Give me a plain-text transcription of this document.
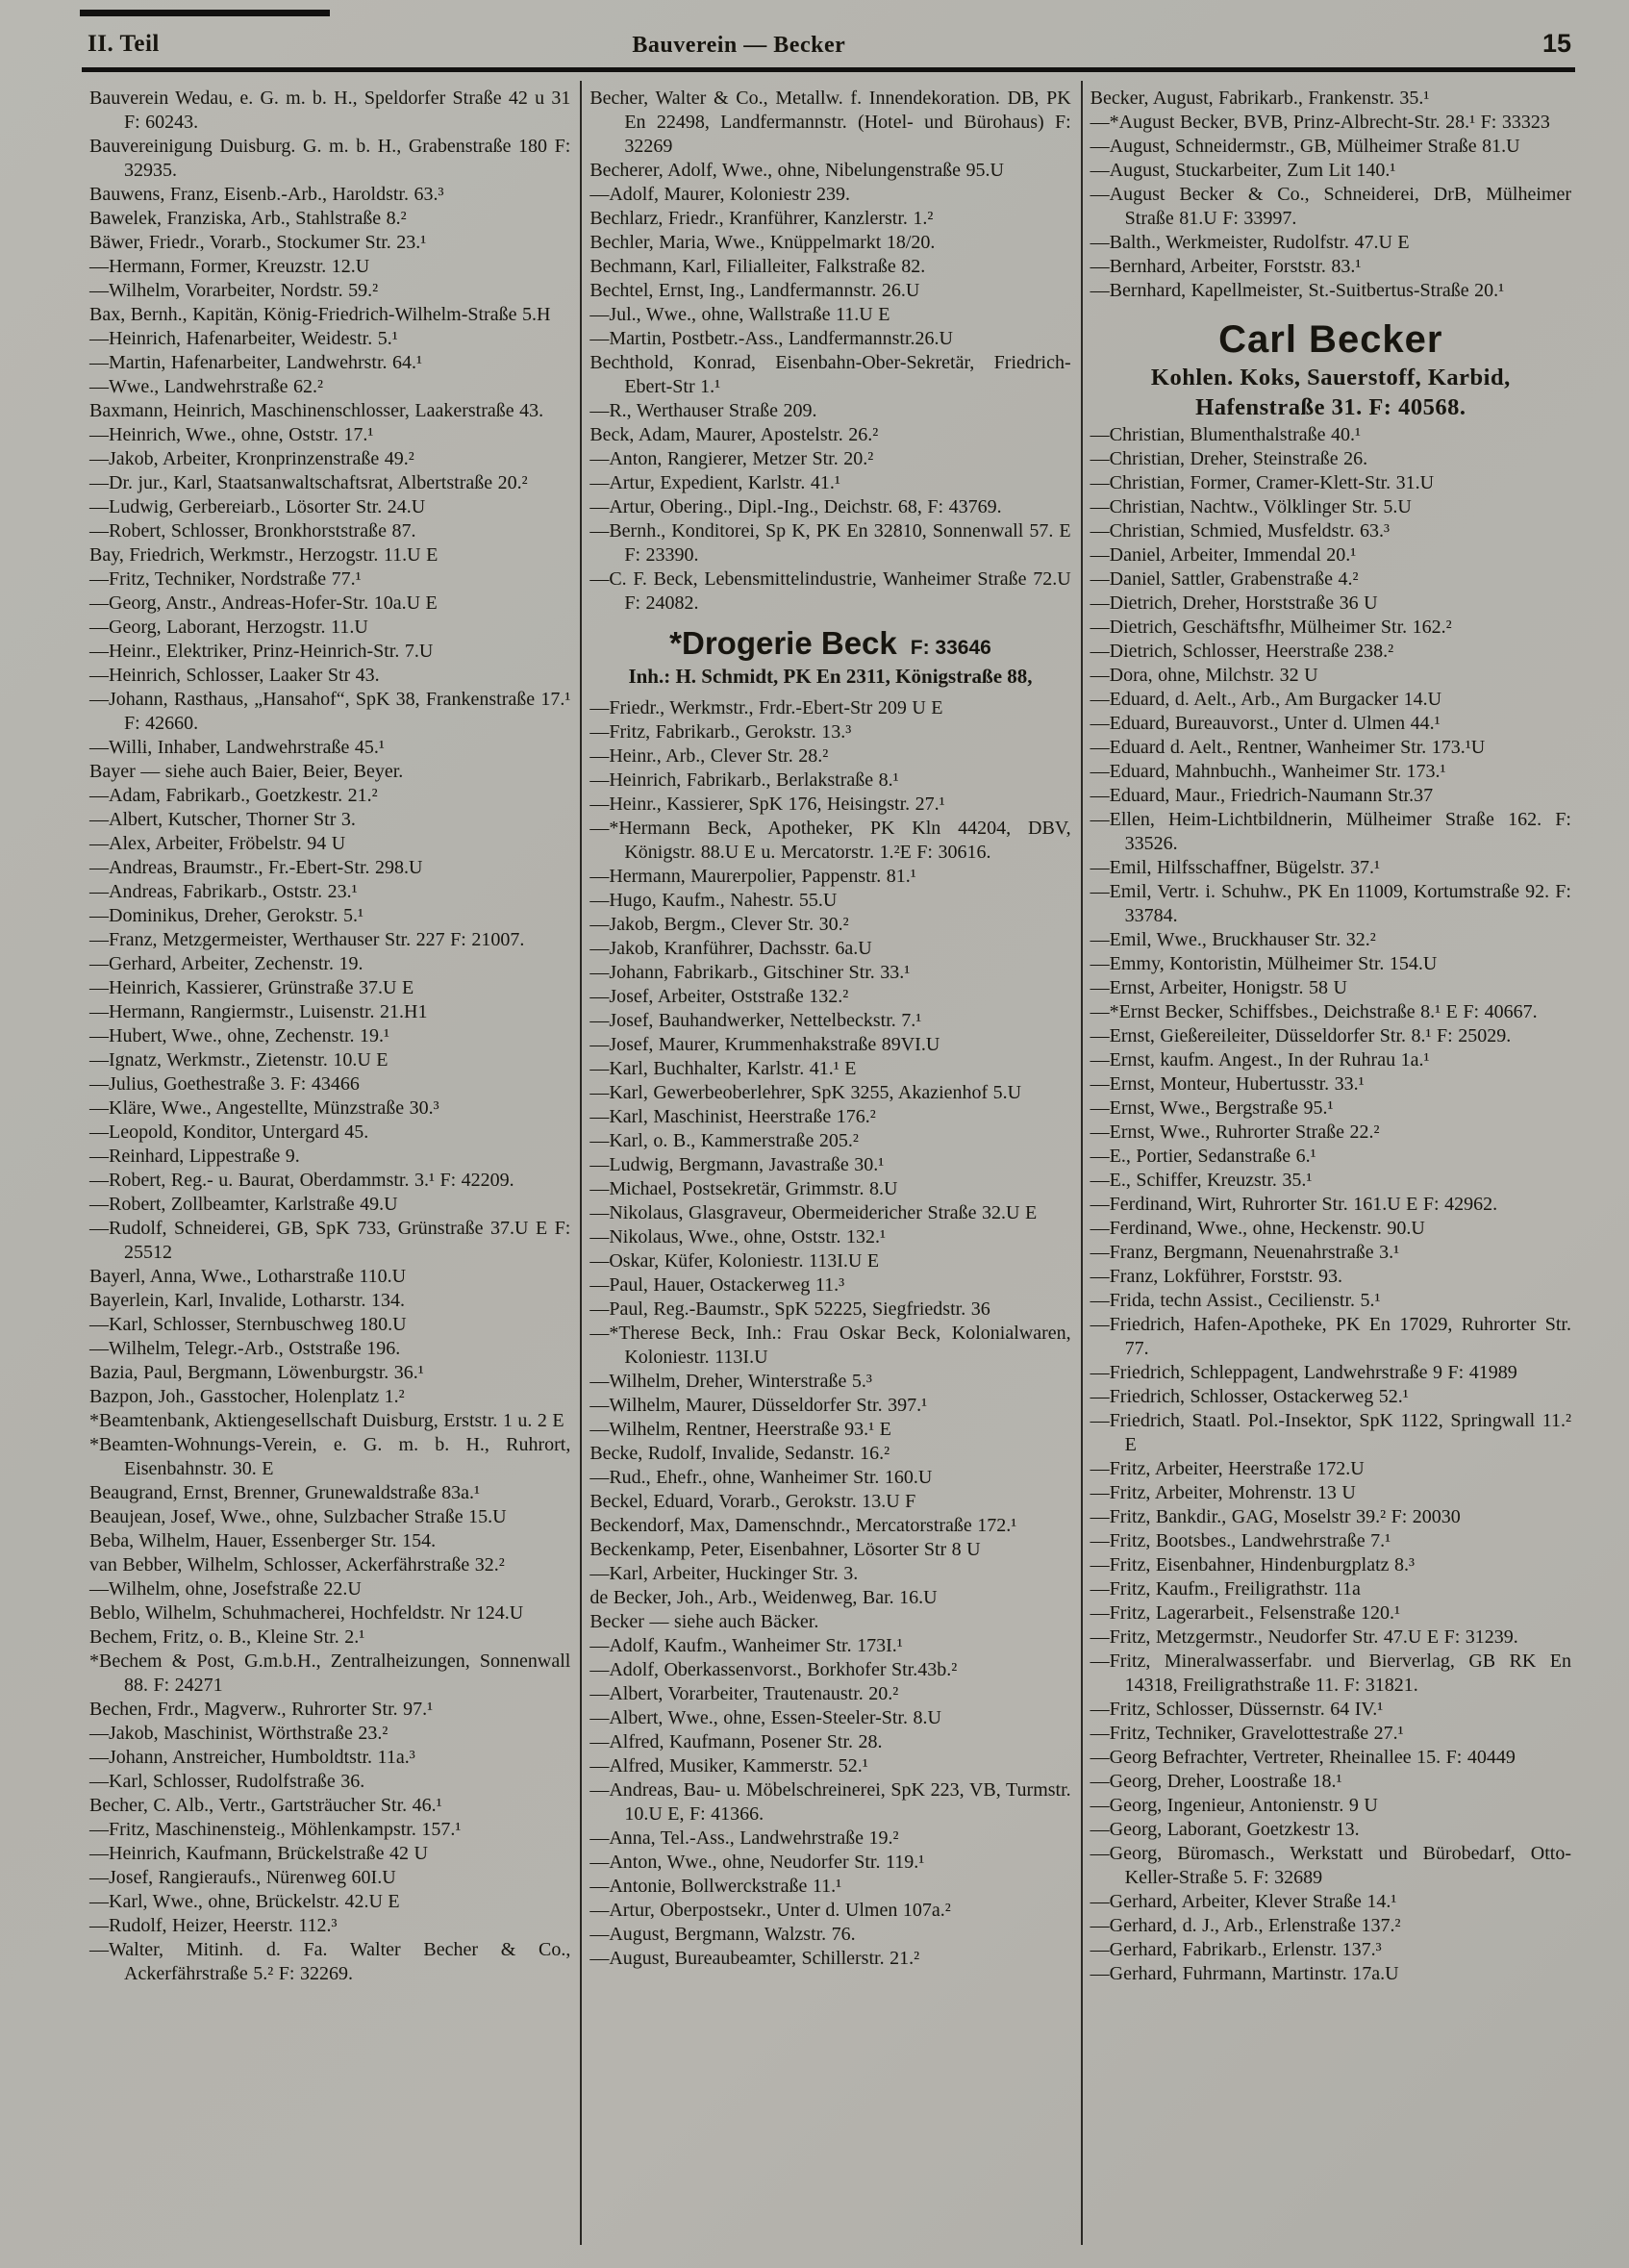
II. Teil	Bauverein — Becker	15

Bauverein Wedau, e. G. m. b. H., Speldorfer Straße 42 u 31 F: 60243.

Bauvereinigung Duisburg. G. m. b. H., Grabenstraße 180 F: 32935.

Bauwens, Franz, Eisenb.-Arb., Haroldstr. 63.³

Bawelek, Franziska, Arb., Stahlstraße 8.²

Bäwer, Friedr., Vorarb., Stockumer Str. 23.¹

—Hermann, Former, Kreuzstr. 12.U

—Wilhelm, Vorarbeiter, Nordstr. 59.²

Bax, Bernh., Kapitän, König-Friedrich-Wilhelm-Straße 5.H

—Heinrich, Hafenarbeiter, Weidestr. 5.¹

—Martin, Hafenarbeiter, Landwehrstr. 64.¹

—Wwe., Landwehrstraße 62.²

Baxmann, Heinrich, Maschinenschlosser, Laakerstraße 43.

—Heinrich, Wwe., ohne, Oststr. 17.¹

—Jakob, Arbeiter, Kronprinzenstraße 49.²

—Dr. jur., Karl, Staatsanwaltschaftsrat, Albertstraße 20.²

—Ludwig, Gerbereiarb., Lösorter Str. 24.U

—Robert, Schlosser, Bronkhorststraße 87.

Bay, Friedrich, Werkmstr., Herzogstr. 11.U E

—Fritz, Techniker, Nordstraße 77.¹

—Georg, Anstr., Andreas-Hofer-Str. 10a.U E

—Georg, Laborant, Herzogstr. 11.U

—Heinr., Elektriker, Prinz-Heinrich-Str. 7.U

—Heinrich, Schlosser, Laaker Str 43.

—Johann, Rasthaus, „Hansahof“, SpK 38, Frankenstraße 17.¹ F: 42660.

—Willi, Inhaber, Landwehrstraße 45.¹

Bayer — siehe auch Baier, Beier, Beyer.

—Adam, Fabrikarb., Goetzkestr. 21.²

—Albert, Kutscher, Thorner Str 3.

—Alex, Arbeiter, Fröbelstr. 94 U

—Andreas, Braumstr., Fr.-Ebert-Str. 298.U

—Andreas, Fabrikarb., Oststr. 23.¹

—Dominikus, Dreher, Gerokstr. 5.¹

—Franz, Metzgermeister, Werthauser Str. 227 F: 21007.

—Gerhard, Arbeiter, Zechenstr. 19.

—Heinrich, Kassierer, Grünstraße 37.U E

—Hermann, Rangiermstr., Luisenstr. 21.H1

—Hubert, Wwe., ohne, Zechenstr. 19.¹

—Ignatz, Werkmstr., Zietenstr. 10.U E

—Julius, Goethestraße 3. F: 43466

—Kläre, Wwe., Angestellte, Münzstraße 30.³

—Leopold, Konditor, Untergard 45.

—Reinhard, Lippestraße 9.

—Robert, Reg.- u. Baurat, Oberdammstr. 3.¹ F: 42209.

—Robert, Zollbeamter, Karlstraße 49.U

—Rudolf, Schneiderei, GB, SpK 733, Grünstraße 37.U E F: 25512

Bayerl, Anna, Wwe., Lotharstraße 110.U

Bayerlein, Karl, Invalide, Lotharstr. 134.

—Karl, Schlosser, Sternbuschweg 180.U

—Wilhelm, Telegr.-Arb., Oststraße 196.

Bazia, Paul, Bergmann, Löwenburgstr. 36.¹

Bazpon, Joh., Gasstocher, Holenplatz 1.²

*Beamtenbank, Aktiengesellschaft Duisburg, Erststr. 1 u. 2 E

*Beamten-Wohnungs-Verein, e. G. m. b. H., Ruhrort, Eisenbahnstr. 30. E

Beaugrand, Ernst, Brenner, Grunewaldstraße 83a.¹

Beaujean, Josef, Wwe., ohne, Sulzbacher Straße 15.U

Beba, Wilhelm, Hauer, Essenberger Str. 154.

van Bebber, Wilhelm, Schlosser, Ackerfährstraße 32.²

—Wilhelm, ohne, Josefstraße 22.U

Beblo, Wilhelm, Schuhmacherei, Hochfeldstr. Nr 124.U

Bechem, Fritz, o. B., Kleine Str. 2.¹

*Bechem & Post, G.m.b.H., Zentralheizungen, Sonnenwall 88. F: 24271

Bechen, Frdr., Magverw., Ruhrorter Str. 97.¹

—Jakob, Maschinist, Wörthstraße 23.²

—Johann, Anstreicher, Humboldtstr. 11a.³

—Karl, Schlosser, Rudolfstraße 36.

Becher, C. Alb., Vertr., Gartsträucher Str. 46.¹

—Fritz, Maschinensteig., Möhlenkampstr. 157.¹

—Heinrich, Kaufmann, Brückelstraße 42 U

—Josef, Rangieraufs., Nürenweg 60I.U

—Karl, Wwe., ohne, Brückelstr. 42.U E

—Rudolf, Heizer, Heerstr. 112.³

—Walter, Mitinh. d. Fa. Walter Becher & Co., Ackerfährstraße 5.² F: 32269.

Becher, Walter & Co., Metallw. f. Innendekoration. DB, PK En 22498, Landfermannstr. (Hotel- und Bürohaus) F: 32269

Becherer, Adolf, Wwe., ohne, Nibelungenstraße 95.U

—Adolf, Maurer, Koloniestr 239.

Bechlarz, Friedr., Kranführer, Kanzlerstr. 1.²

Bechler, Maria, Wwe., Knüppelmarkt 18/20.

Bechmann, Karl, Filialleiter, Falkstraße 82.

Bechtel, Ernst, Ing., Landfermannstr. 26.U

—Jul., Wwe., ohne, Wallstraße 11.U E

—Martin, Postbetr.-Ass., Landfermannstr.26.U

Bechthold, Konrad, Eisenbahn-Ober-Sekretär, Friedrich-Ebert-Str 1.¹

—R., Werthauser Straße 209.

Beck, Adam, Maurer, Apostelstr. 26.²

—Anton, Rangierer, Metzer Str. 20.²

—Artur, Expedient, Karlstr. 41.¹

—Artur, Obering., Dipl.-Ing., Deichstr. 68, F: 43769.

—Bernh., Konditorei, Sp K, PK En 32810, Sonnenwall 57. E F: 23390.

—C. F. Beck, Lebensmittelindustrie, Wanheimer Straße 72.U F: 24082.

*Drogerie Beck F: 33646

Inh.: H. Schmidt, PK En 2311, Königstraße 88,

—Friedr., Werkmstr., Frdr.-Ebert-Str 209 U E

—Fritz, Fabrikarb., Gerokstr. 13.³

—Heinr., Arb., Clever Str. 28.²

—Heinrich, Fabrikarb., Berlakstraße 8.¹

—Heinr., Kassierer, SpK 176, Heisingstr. 27.¹

—*Hermann Beck, Apotheker, PK Kln 44204, DBV, Königstr. 88.U E u. Mercatorstr. 1.²E F: 30616.

—Hermann, Maurerpolier, Pappenstr. 81.¹

—Hugo, Kaufm., Nahestr. 55.U

—Jakob, Bergm., Clever Str. 30.²

—Jakob, Kranführer, Dachsstr. 6a.U

—Johann, Fabrikarb., Gitschiner Str. 33.¹

—Josef, Arbeiter, Oststraße 132.²

—Josef, Bauhandwerker, Nettelbeckstr. 7.¹

—Josef, Maurer, Krummenhakstraße 89VI.U

—Karl, Buchhalter, Karlstr. 41.¹ E

—Karl, Gewerbeoberlehrer, SpK 3255, Akazienhof 5.U

—Karl, Maschinist, Heerstraße 176.²

—Karl, o. B., Kammerstraße 205.²

—Ludwig, Bergmann, Javastraße 30.¹

—Michael, Postsekretär, Grimmstr. 8.U

—Nikolaus, Glasgraveur, Obermeidericher Straße 32.U E

—Nikolaus, Wwe., ohne, Oststr. 132.¹

—Oskar, Küfer, Koloniestr. 113I.U E

—Paul, Hauer, Ostackerweg 11.³

—Paul, Reg.-Baumstr., SpK 52225, Siegfriedstr. 36

—*Therese Beck, Inh.: Frau Oskar Beck, Kolonialwaren, Koloniestr. 113I.U

—Wilhelm, Dreher, Winterstraße 5.³

—Wilhelm, Maurer, Düsseldorfer Str. 397.¹

—Wilhelm, Rentner, Heerstraße 93.¹ E

Becke, Rudolf, Invalide, Sedanstr. 16.²

—Rud., Ehefr., ohne, Wanheimer Str. 160.U

Beckel, Eduard, Vorarb., Gerokstr. 13.U F

Beckendorf, Max, Damenschndr., Mercatorstraße 172.¹

Beckenkamp, Peter, Eisenbahner, Lösorter Str 8 U

—Karl, Arbeiter, Huckinger Str. 3.

de Becker, Joh., Arb., Weidenweg, Bar. 16.U

Becker — siehe auch Bäcker.

—Adolf, Kaufm., Wanheimer Str. 173I.¹

—Adolf, Oberkassenvorst., Borkhofer Str.43b.²

—Albert, Vorarbeiter, Trautenaustr. 20.²

—Albert, Wwe., ohne, Essen-Steeler-Str. 8.U

—Alfred, Kaufmann, Posener Str. 28.

—Alfred, Musiker, Kammerstr. 52.¹

—Andreas, Bau- u. Möbelschreinerei, SpK 223, VB, Turmstr. 10.U E, F: 41366.

—Anna, Tel.-Ass., Landwehrstraße 19.²

—Anton, Wwe., ohne, Neudorfer Str. 119.¹

—Antonie, Bollwerckstraße 11.¹

—Artur, Oberpostsekr., Unter d. Ulmen 107a.²

—August, Bergmann, Walzstr. 76.

—August, Bureaubeamter, Schillerstr. 21.²

Becker, August, Fabrikarb., Frankenstr. 35.¹

—*August Becker, BVB, Prinz-Albrecht-Str. 28.¹ F: 33323

—August, Schneidermstr., GB, Mülheimer Straße 81.U

—August, Stuckarbeiter, Zum Lit 140.¹

—August Becker & Co., Schneiderei, DrB, Mülheimer Straße 81.U F: 33997.

—Balth., Werkmeister, Rudolfstr. 47.U E

—Bernhard, Arbeiter, Forststr. 83.¹

—Bernhard, Kapellmeister, St.-Suitbertus-Straße 20.¹

Carl Becker

Kohlen. Koks, Sauerstoff, Karbid,

Hafenstraße 31. F: 40568.

—Christian, Blumenthalstraße 40.¹

—Christian, Dreher, Steinstraße 26.

—Christian, Former, Cramer-Klett-Str. 31.U

—Christian, Nachtw., Völklinger Str. 5.U

—Christian, Schmied, Musfeldstr. 63.³

—Daniel, Arbeiter, Immendal 20.¹

—Daniel, Sattler, Grabenstraße 4.²

—Dietrich, Dreher, Horststraße 36 U

—Dietrich, Geschäftsfhr, Mülheimer Str. 162.²

—Dietrich, Schlosser, Heerstraße 238.²

—Dora, ohne, Milchstr. 32 U

—Eduard, d. Aelt., Arb., Am Burgacker 14.U

—Eduard, Bureauvorst., Unter d. Ulmen 44.¹

—Eduard d. Aelt., Rentner, Wanheimer Str. 173.¹U

—Eduard, Mahnbuchh., Wanheimer Str. 173.¹

—Eduard, Maur., Friedrich-Naumann Str.37

—Ellen, Heim-Lichtbildnerin, Mülheimer Straße 162. F: 33526.

—Emil, Hilfsschaffner, Bügelstr. 37.¹

—Emil, Vertr. i. Schuhw., PK En 11009, Kortumstraße 92. F: 33784.

—Emil, Wwe., Bruckhauser Str. 32.²

—Emmy, Kontoristin, Mülheimer Str. 154.U

—Ernst, Arbeiter, Honigstr. 58 U

—*Ernst Becker, Schiffsbes., Deichstraße 8.¹ E F: 40667.

—Ernst, Gießereileiter, Düsseldorfer Str. 8.¹ F: 25029.

—Ernst, kaufm. Angest., In der Ruhrau 1a.¹

—Ernst, Monteur, Hubertusstr. 33.¹

—Ernst, Wwe., Bergstraße 95.¹

—Ernst, Wwe., Ruhrorter Straße 22.²

—E., Portier, Sedanstraße 6.¹

—E., Schiffer, Kreuzstr. 35.¹

—Ferdinand, Wirt, Ruhrorter Str. 161.U E F: 42962.

—Ferdinand, Wwe., ohne, Heckenstr. 90.U

—Franz, Bergmann, Neuenahrstraße 3.¹

—Franz, Lokführer, Forststr. 93.

—Frida, techn Assist., Cecilienstr. 5.¹

—Friedrich, Hafen-Apotheke, PK En 17029, Ruhrorter Str. 77.

—Friedrich, Schleppagent, Landwehrstraße 9 F: 41989

—Friedrich, Schlosser, Ostackerweg 52.¹

—Friedrich, Staatl. Pol.-Insektor, SpK 1122, Springwall 11.² E

—Fritz, Arbeiter, Heerstraße 172.U

—Fritz, Arbeiter, Mohrenstr. 13 U

—Fritz, Bankdir., GAG, Moselstr 39.² F: 20030

—Fritz, Bootsbes., Landwehrstraße 7.¹

—Fritz, Eisenbahner, Hindenburgplatz 8.³

—Fritz, Kaufm., Freiligrathstr. 11a

—Fritz, Lagerarbeit., Felsenstraße 120.¹

—Fritz, Metzgermstr., Neudorfer Str. 47.U E F: 31239.

—Fritz, Mineralwasserfabr. und Bierverlag, GB RK En 14318, Freiligrathstraße 11. F: 31821.

—Fritz, Schlosser, Düssernstr. 64 IV.¹

—Fritz, Techniker, Gravelottestraße 27.¹

—Georg Befrachter, Vertreter, Rheinallee 15. F: 40449

—Georg, Dreher, Loostraße 18.¹

—Georg, Ingenieur, Antonienstr. 9 U

—Georg, Laborant, Goetzkestr 13.

—Georg, Büromasch., Werkstatt und Bürobedarf, Otto-Keller-Straße 5. F: 32689

—Gerhard, Arbeiter, Klever Straße 14.¹

—Gerhard, d. J., Arb., Erlenstraße 137.²

—Gerhard, Fabrikarb., Erlenstr. 137.³

—Gerhard, Fuhrmann, Martinstr. 17a.U
